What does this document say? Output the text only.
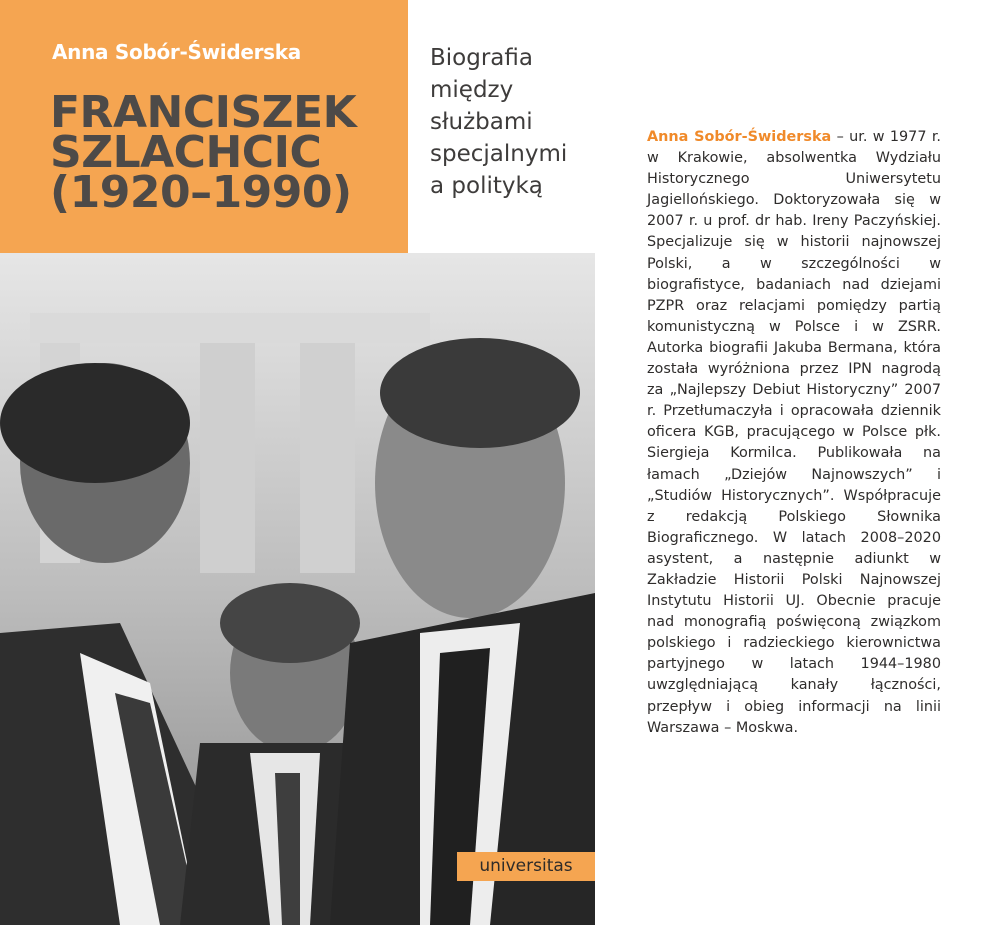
Anna Sobór-Świderska
FRANCISZEK
SZLACHCIC
(1920–1990)
universitas
Biografia
między
służbami
specjalnymi
a polityką
Anna Sobór-Świderska – ur. w 1977 r. w Krakowie, absolwentka Wydziału Historycznego Uniwersytetu Jagiellońskiego. Doktoryzowała się w 2007 r. u prof. dr hab. Ireny Paczyńskiej. Specjalizuje się w historii najnowszej Polski, a w szczególności w biografistyce, badaniach nad dziejami PZPR oraz relacjami pomiędzy partią komunistyczną w Polsce i w ZSRR. Autorka biografii Jakuba Bermana, która została wyróżniona przez IPN nagrodą za „Najlepszy Debiut Historyczny” 2007 r. Przetłumaczyła i opracowała dziennik oficera KGB, pracującego w Polsce płk. Siergieja Kormilca. Publikowała na łamach „Dziejów Najnowszych” i „Studiów Historycznych”. Współpracuje z redakcją Polskiego Słownika Biograficznego. W latach 2008–2020 asystent, a następnie adiunkt w Zakładzie Historii Polski Najnowszej Instytutu Historii UJ. Obecnie pracuje nad monografią poświęconą związkom polskiego i radzieckiego kierownictwa partyjnego w latach 1944–1980 uwzględniającą kanały łączności, przepływ i obieg informacji na linii Warszawa – Moskwa.
